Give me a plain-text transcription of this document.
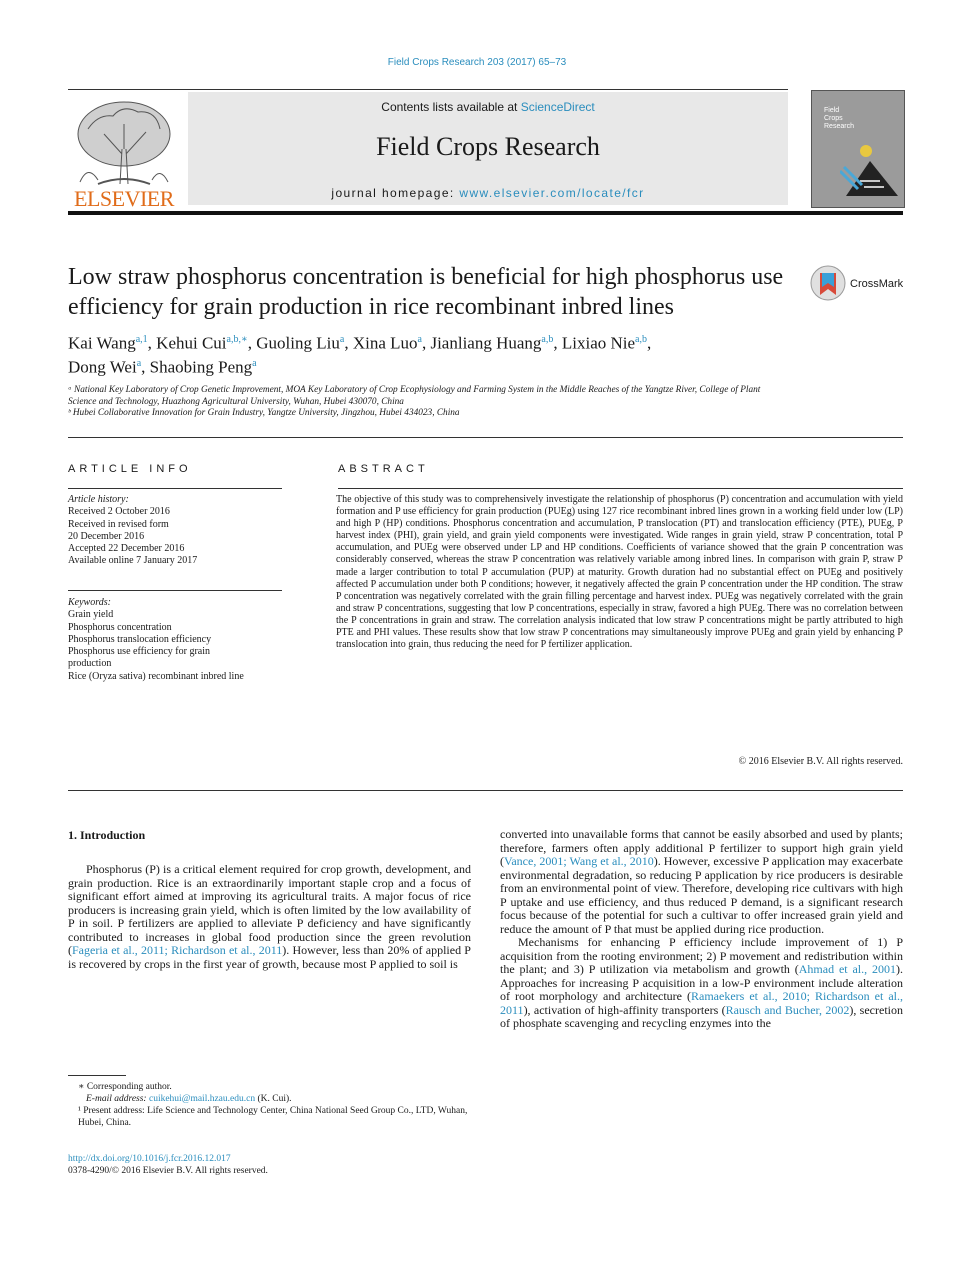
Field Crops Research 203 (2017) 65–73
ELSEVIER
Contents lists available at ScienceDirect
Field Crops Research
journal homepage: www.elsevier.com/locate/fcr
Field
Crops
Research
Low straw phosphorus concentration is beneficial for high phosphorus use efficiency for grain production in rice recombinant inbred lines
CrossMark
Kai Wang$^{a,1}$, Kehui Cui$^{a,b,∗}$, Guoling Liu$^a$, Xina Luo$^a$, Jianliang Huang$^{a,b}$, Lixiao Nie$^{a,b}$,
Dong Wei$^a$, Shaobing Peng$^a$
ᵃ National Key Laboratory of Crop Genetic Improvement, MOA Key Laboratory of Crop Ecophysiology and Farming System in the Middle Reaches of the Yangtze River, College of Plant Science and Technology, Huazhong Agricultural University, Wuhan, Hubei 430070, China
ᵇ Hubei Collaborative Innovation for Grain Industry, Yangtze University, Jingzhou, Hubei 434023, China
ARTICLE INFO	ABSTRACT
Article history:
Received 2 October 2016
Received in revised form
20 December 2016
Accepted 22 December 2016
Available online 7 January 2017
Keywords:
Grain yield
Phosphorus concentration
Phosphorus translocation efficiency
Phosphorus use efficiency for grain
production
Rice (Oryza sativa) recombinant inbred line
The objective of this study was to comprehensively investigate the relationship of phosphorus (P) concentration and accumulation with yield formation and P use efficiency for grain production (PUEg) using 127 rice recombinant inbred lines grown in a working field under low (LP) and high P (HP) conditions. Phosphorus concentration and accumulation, P translocation (PT) and translocation efficiency (PTE), PUEg, P harvest index (PHI), grain yield, and grain yield components were investigated. Wide ranges in grain yield, straw P concentration, total P accumulation, and PUEg were observed under LP and HP conditions. Coefficients of variance showed that the grain P concentration was considerably conserved, whereas the straw P concentration was relatively variable among inbred lines. In comparison with grain P, straw P made a larger contribution to total P accumulation (PUP) at maturity. Growth duration had no substantial effect on PUEg and positively affected P accumulation under both P conditions; however, it negatively affected the grain P concentration under the HP condition. The straw P concentration was negatively correlated with the grain filling percentage and harvest index. PUEg was negatively correlated with the grain and straw P concentrations, suggesting that low P concentrations, especially in straw, favored a high PUEg. There was no correlation between the P concentrations in grain and straw. The correlation analysis indicated that low straw P concentrations might be partly attributed to high PTE and PHI values. These results show that low straw P concentrations may simultaneously improve PUEg and grain yield by enhancing P translocation into grain, thus reducing the need for P fertilizer application.
© 2016 Elsevier B.V. All rights reserved.
1. Introduction

Phosphorus (P) is a critical element required for crop growth, development, and grain production. Rice is an extraordinarily important staple crop and a focus of significant effort aimed at improving its agricultural traits. A major focus of rice producers is increasing grain yield, which is often limited by the low availability of P in soil. P fertilizers are applied to alleviate P deficiency and have significantly contributed to increases in global food production since the green revolution (Fageria et al., 2011; Richardson et al., 2011). However, less than 20% of applied P is recovered by crops in the first year of growth, because most P applied to soil is

converted into unavailable forms that cannot be easily absorbed and used by plants; therefore, farmers often apply additional P fertilizer to support high grain yield (Vance, 2001; Wang et al., 2010). However, excessive P application may exacerbate environmental degradation, so reducing P application by rice producers is desirable from an environmental point of view. Therefore, developing rice cultivars with high P uptake and use efficiency, and thus reduced P demand, is a significant research focus because of the potential for such a cultivar to offer increased grain yield and reduce the amount of P that must be applied during rice production.

Mechanisms for enhancing P efficiency include improvement of 1) P acquisition from the rooting environment; 2) P movement and redistribution within the plant; and 3) P utilization via metabolism and growth (Ahmad et al., 2001). Approaches for increasing P acquisition in a low-P environment include alteration of root morphology and architecture (Ramaekers et al., 2010; Richardson et al., 2011), activation of high-affinity transporters (Rausch and Bucher, 2002), secretion of phosphate scavenging and recycling enzymes into the

∗ Corresponding author.
E-mail address: cuikehui@mail.hzau.edu.cn (K. Cui).
¹ Present address: Life Science and Technology Center, China National Seed Group Co., LTD, Wuhan, Hubei, China.
http://dx.doi.org/10.1016/j.fcr.2016.12.017
0378-4290/© 2016 Elsevier B.V. All rights reserved.
